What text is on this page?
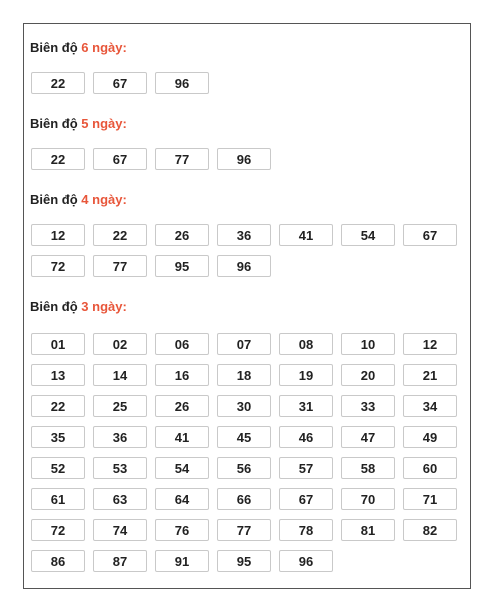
Biên độ 6 ngày:
22	67	96
Biên độ 5 ngày:
22	67	77	96
Biên độ 4 ngày:
12	22	26	36	41	54	67
72	77	95	96
Biên độ 3 ngày:
01	02	06	07	08	10	12
13	14	16	18	19	20	21
22	25	26	30	31	33	34
35	36	41	45	46	47	49
52	53	54	56	57	58	60
61	63	64	66	67	70	71
72	74	76	77	78	81	82
86	87	91	95	96
